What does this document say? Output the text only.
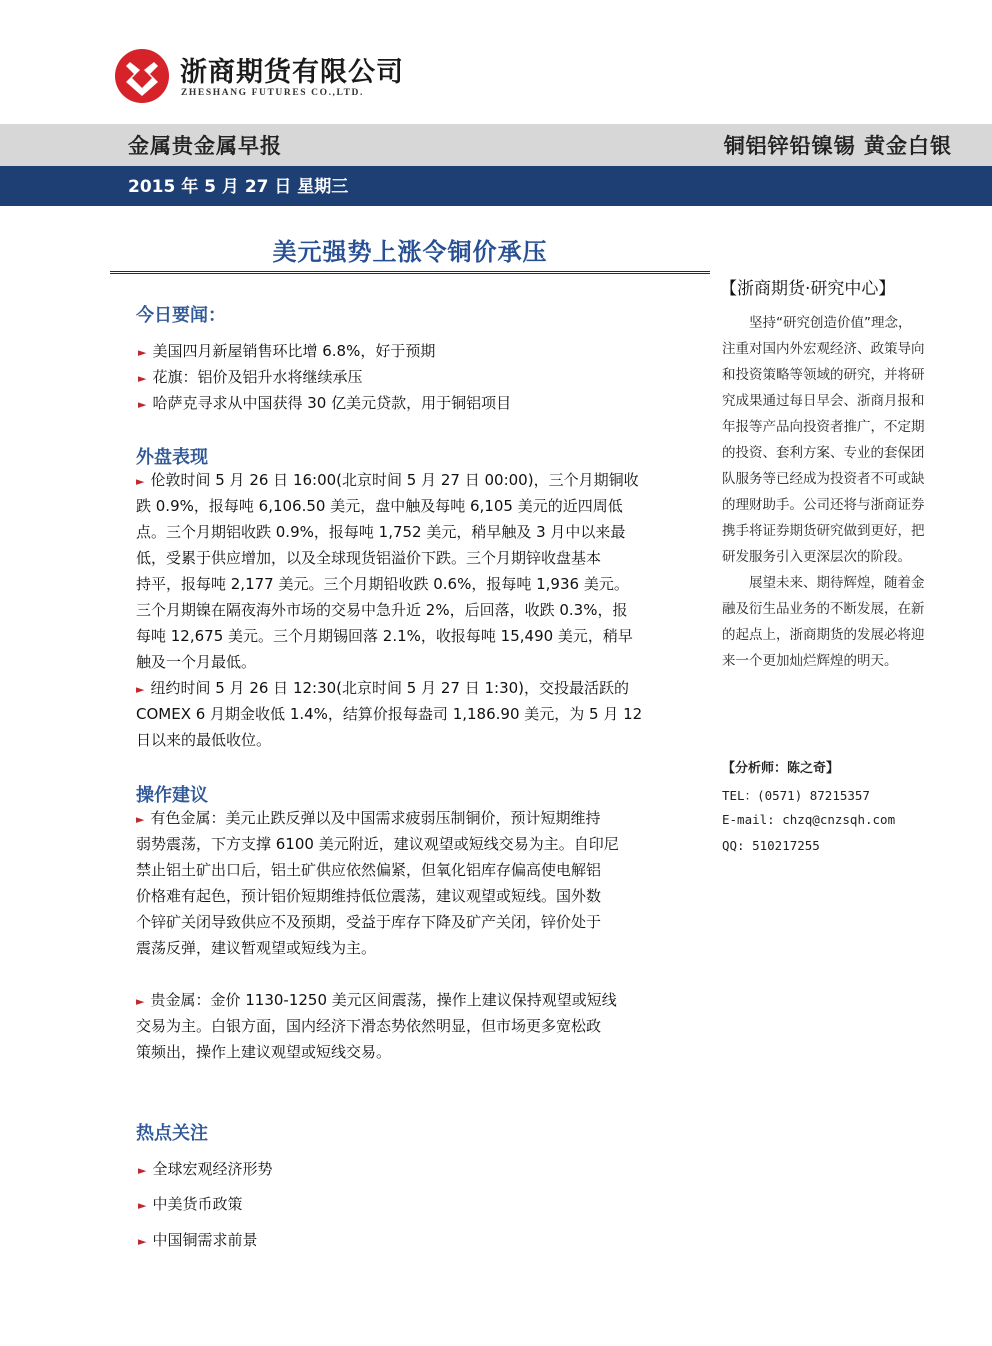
浙商期货有限公司
ZHESHANG FUTURES CO.,LTD.
金属贵金属早报	铜铝锌铅镍锡 黄金白银
2015 年 5 月 27 日 星期三
美元强势上涨令铜价承压
今日要闻：
► 美国四月新屋销售环比增 6.8%，好于预期
► 花旗：铝价及铝升水将继续承压
► 哈萨克寻求从中国获得 30 亿美元贷款，用于铜铝项目
外盘表现
► 伦敦时间 5 月 26 日 16:00(北京时间 5 月 27 日 00:00)，三个月期铜收
跌 0.9%，报每吨 6,106.50 美元，盘中触及每吨 6,105 美元的近四周低
点。三个月期铝收跌 0.9%，报每吨 1,752 美元，稍早触及 3 月中以来最
低，受累于供应增加，以及全球现货铝溢价下跌。三个月期锌收盘基本
持平，报每吨 2,177 美元。三个月期铅收跌 0.6%，报每吨 1,936 美元。
三个月期镍在隔夜海外市场的交易中急升近 2%，后回落，收跌 0.3%，报
每吨 12,675 美元。三个月期锡回落 2.1%，收报每吨 15,490 美元，稍早
触及一个月最低。
► 纽约时间 5 月 26 日 12:30(北京时间 5 月 27 日 1:30)，交投最活跃的
COMEX 6 月期金收低 1.4%，结算价报每盎司 1,186.90 美元，为 5 月 12
日以来的最低收位。
操作建议
► 有色金属：美元止跌反弹以及中国需求疲弱压制铜价，预计短期维持
弱势震荡，下方支撑 6100 美元附近，建议观望或短线交易为主。自印尼
禁止铝土矿出口后，铝土矿供应依然偏紧，但氧化铝库存偏高使电解铝
价格难有起色，预计铝价短期维持低位震荡，建议观望或短线。国外数
个锌矿关闭导致供应不及预期，受益于库存下降及矿产关闭，锌价处于
震荡反弹，建议暂观望或短线为主。
► 贵金属：金价 1130-1250 美元区间震荡，操作上建议保持观望或短线
交易为主。白银方面，国内经济下滑态势依然明显，但市场更多宽松政
策频出，操作上建议观望或短线交易。
热点关注
► 全球宏观经济形势
► 中美货币政策
► 中国铜需求前景
【浙商期货·研究中心】
　　坚持“研究创造价值”理念，
注重对国内外宏观经济、政策导向
和投资策略等领域的研究，并将研
究成果通过每日早会、浙商月报和
年报等产品向投资者推广，不定期
的投资、套利方案、专业的套保团
队服务等已经成为投资者不可或缺
的理财助手。公司还将与浙商证券
携手将证券期货研究做到更好，把
研发服务引入更深层次的阶段。
　　展望未来、期待辉煌，随着金
融及衍生品业务的不断发展，在新
的起点上，浙商期货的发展必将迎
来一个更加灿烂辉煌的明天。
【分析师：陈之奇】
TEL：(0571) 87215357
E-mail: chzq@cnzsqh.com
QQ: 510217255
